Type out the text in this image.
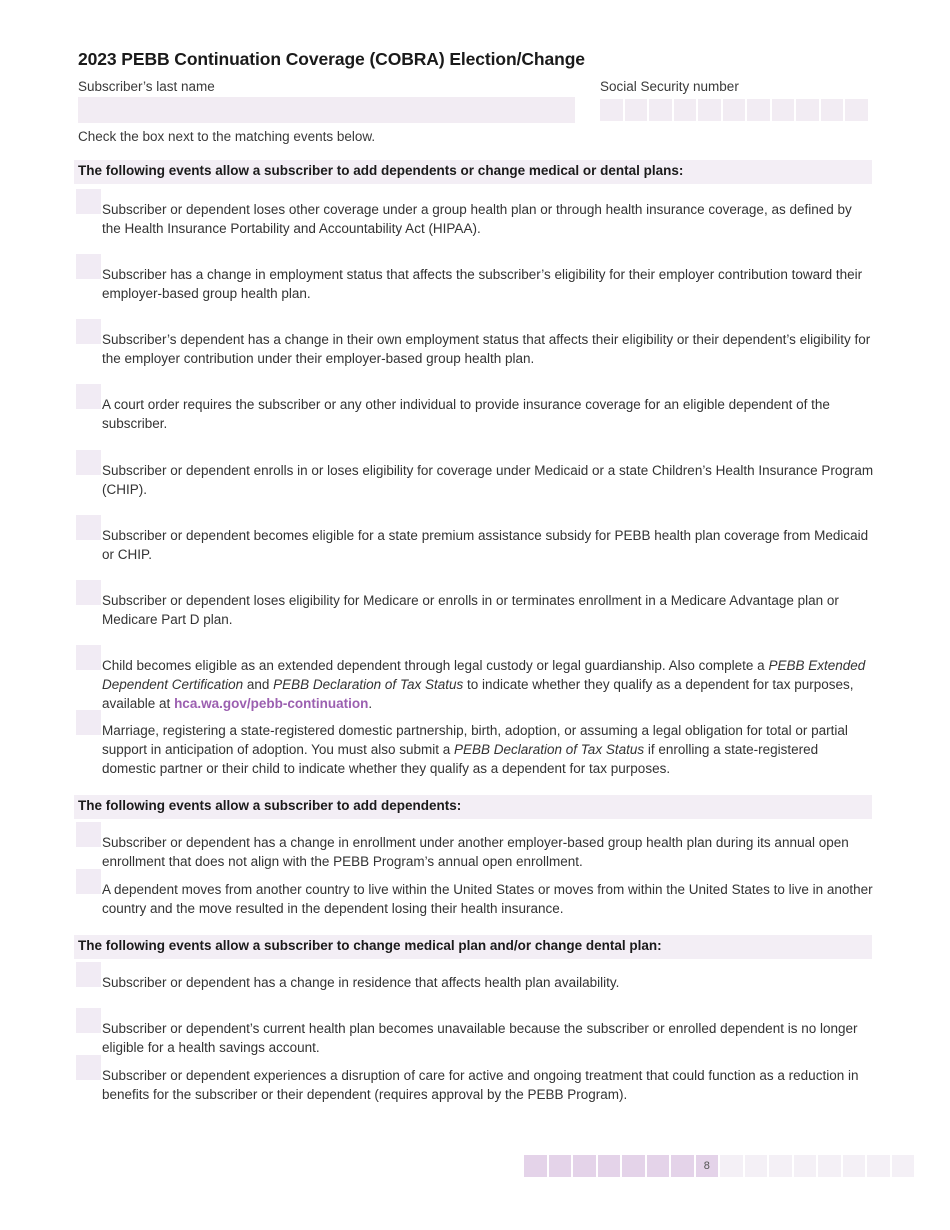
2023 PEBB Continuation Coverage (COBRA) Election/Change
Subscriber’s last name	Social Security number
Check the box next to the matching events below.
The following events allow a subscriber to add dependents or change medical or dental plans:
Subscriber or dependent loses other coverage under a group health plan or through health insurance coverage, as defined by the Health Insurance Portability and Accountability Act (HIPAA).
Subscriber has a change in employment status that affects the subscriber’s eligibility for their employer contribution toward their employer-based group health plan.
Subscriber’s dependent has a change in their own employment status that affects their eligibility or their dependent’s eligibility for the employer contribution under their employer-based group health plan.
A court order requires the subscriber or any other individual to provide insurance coverage for an eligible dependent of the subscriber.
Subscriber or dependent enrolls in or loses eligibility for coverage under Medicaid or a state Children’s Health Insurance Program (CHIP).
Subscriber or dependent becomes eligible for a state premium assistance subsidy for PEBB health plan coverage from Medicaid or CHIP.
Subscriber or dependent loses eligibility for Medicare or enrolls in or terminates enrollment in a Medicare Advantage plan or Medicare Part D plan.
Child becomes eligible as an extended dependent through legal custody or legal guardianship. Also complete a PEBB Extended Dependent Certification and PEBB Declaration of Tax Status to indicate whether they qualify as a dependent for tax purposes, available at hca.wa.gov/pebb-continuation.
Marriage, registering a state-registered domestic partnership, birth, adoption, or assuming a legal obligation for total or partial support in anticipation of adoption. You must also submit a PEBB Declaration of Tax Status if enrolling a state-registered domestic partner or their child to indicate whether they qualify as a dependent for tax purposes.
The following events allow a subscriber to add dependents:
Subscriber or dependent has a change in enrollment under another employer-based group health plan during its annual open enrollment that does not align with the PEBB Program’s annual open enrollment.
A dependent moves from another country to live within the United States or moves from within the United States to live in another country and the move resulted in the dependent losing their health insurance.
The following events allow a subscriber to change medical plan and/or change dental plan:
Subscriber or dependent has a change in residence that affects health plan availability.
Subscriber or dependent’s current health plan becomes unavailable because the subscriber or enrolled dependent is no longer eligible for a health savings account.
Subscriber or dependent experiences a disruption of care for active and ongoing treatment that could function as a reduction in benefits for the subscriber or their dependent (requires approval by the PEBB Program).
8
